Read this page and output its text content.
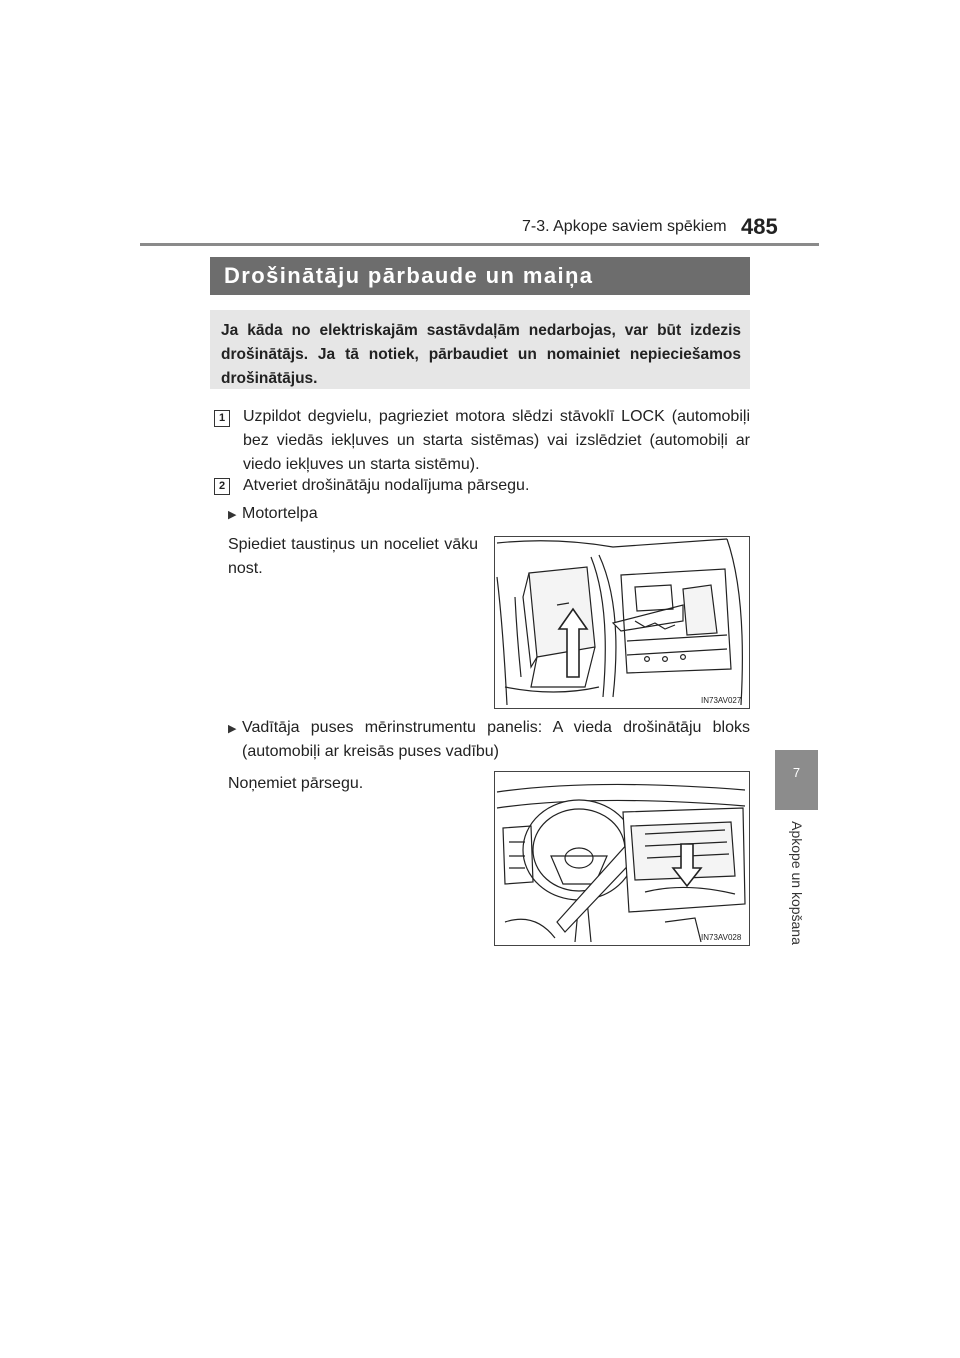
7-3. Apkope saviem spēkiem 485
7
Apkope un kopšana
Drošinātāju pārbaude un maiņa
Ja kāda no elektriskajām sastāvdaļām nedarbojas, var būt izdezis drošinātājs. Ja tā notiek, pārbaudiet un nomainiet nepieciešamos drošinātājus.
1	Uzpildot degvielu, pagrieziet motora slēdzi stāvoklī LOCK (automobiļi bez viedās iekļuves un starta sistēmas) vai izslēdziet (automobiļi ar viedo iekļuves un starta sistēmu).
2	Atveriet drošinātāju nodalījuma pārsegu.
▶ Motortelpa
Spiediet taustiņus un noceliet vāku nost.
IN73AV027
▶ Vadītāja puses mērinstrumentu panelis: A vieda drošinātāju bloks (automobiļi ar kreisās puses vadību)
Noņemiet pārsegu.
IN73AV028
